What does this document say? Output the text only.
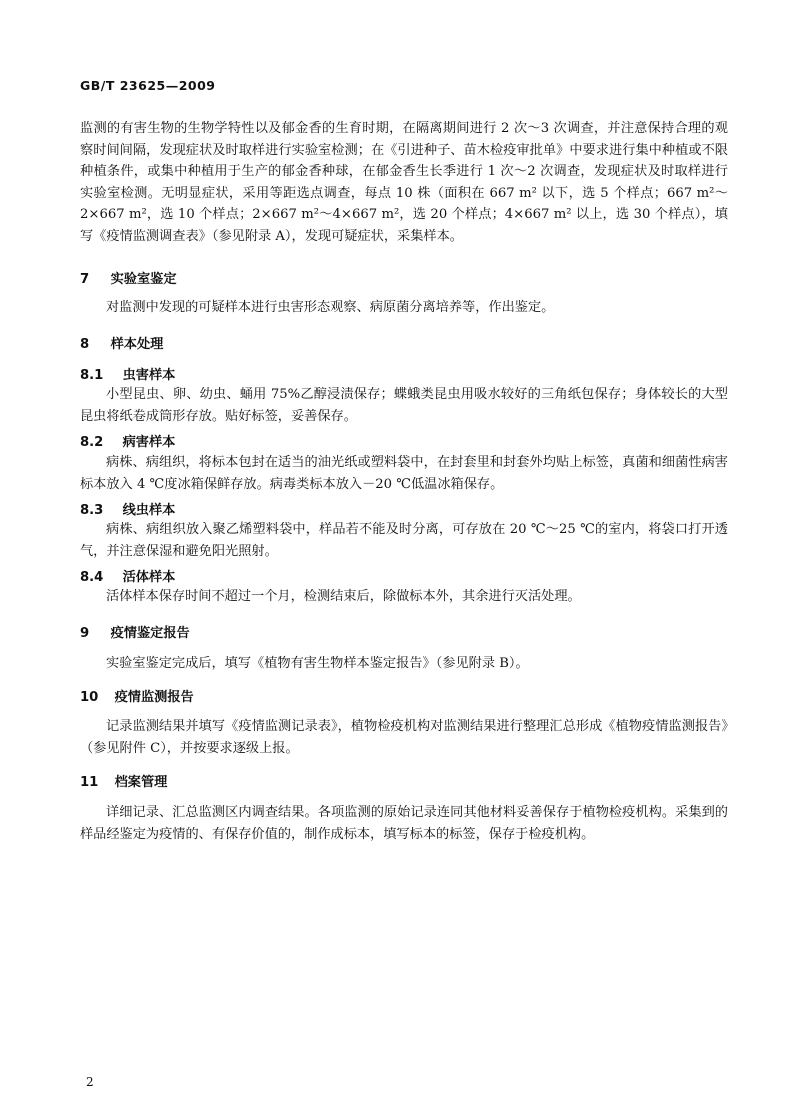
GB/T 23625—2009

监测的有害生物的生物学特性以及郁金香的生育时期，在隔离期间进行 2 次～3 次调查，并注意保持合理的观察时间间隔，发现症状及时取样进行实验室检测；在《引进种子、苗木检疫审批单》中要求进行集中种植或不限种植条件，或集中种植用于生产的郁金香种球，在郁金香生长季进行 1 次～2 次调查，发现症状及时取样进行实验室检测。无明显症状，采用等距选点调查，每点 10 株（面积在 667 m² 以下，选 5 个样点；667 m²～2×667 m²，选 10 个样点；2×667 m²～4×667 m²，选 20 个样点；4×667 m² 以上，选 30 个样点），填写《疫情监测调查表》（参见附录 A），发现可疑症状，采集样本。

7 实验室鉴定

对监测中发现的可疑样本进行虫害形态观察、病原菌分离培养等，作出鉴定。

8 样本处理
8.1 虫害样本

小型昆虫、卵、幼虫、蛹用 75%乙醇浸渍保存；蝶蛾类昆虫用吸水较好的三角纸包保存；身体较长的大型昆虫将纸卷成筒形存放。贴好标签，妥善保存。

8.2 病害样本

病株、病组织，将标本包封在适当的油光纸或塑料袋中，在封套里和封套外均贴上标签，真菌和细菌性病害标本放入 4 ℃度冰箱保鲜存放。病毒类标本放入－20 ℃低温冰箱保存。

8.3 线虫样本

病株、病组织放入聚乙烯塑料袋中，样品若不能及时分离，可存放在 20 ℃～25 ℃的室内，将袋口打开透气，并注意保湿和避免阳光照射。

8.4 活体样本

活体样本保存时间不超过一个月，检测结束后，除做标本外，其余进行灭活处理。

9 疫情鉴定报告

实验室鉴定完成后，填写《植物有害生物样本鉴定报告》（参见附录 B）。

10 疫情监测报告

记录监测结果并填写《疫情监测记录表》，植物检疫机构对监测结果进行整理汇总形成《植物疫情监测报告》（参见附件 C），并按要求逐级上报。

11 档案管理

详细记录、汇总监测区内调查结果。各项监测的原始记录连同其他材料妥善保存于植物检疫机构。采集到的样品经鉴定为疫情的、有保存价值的，制作成标本，填写标本的标签，保存于检疫机构。

2
